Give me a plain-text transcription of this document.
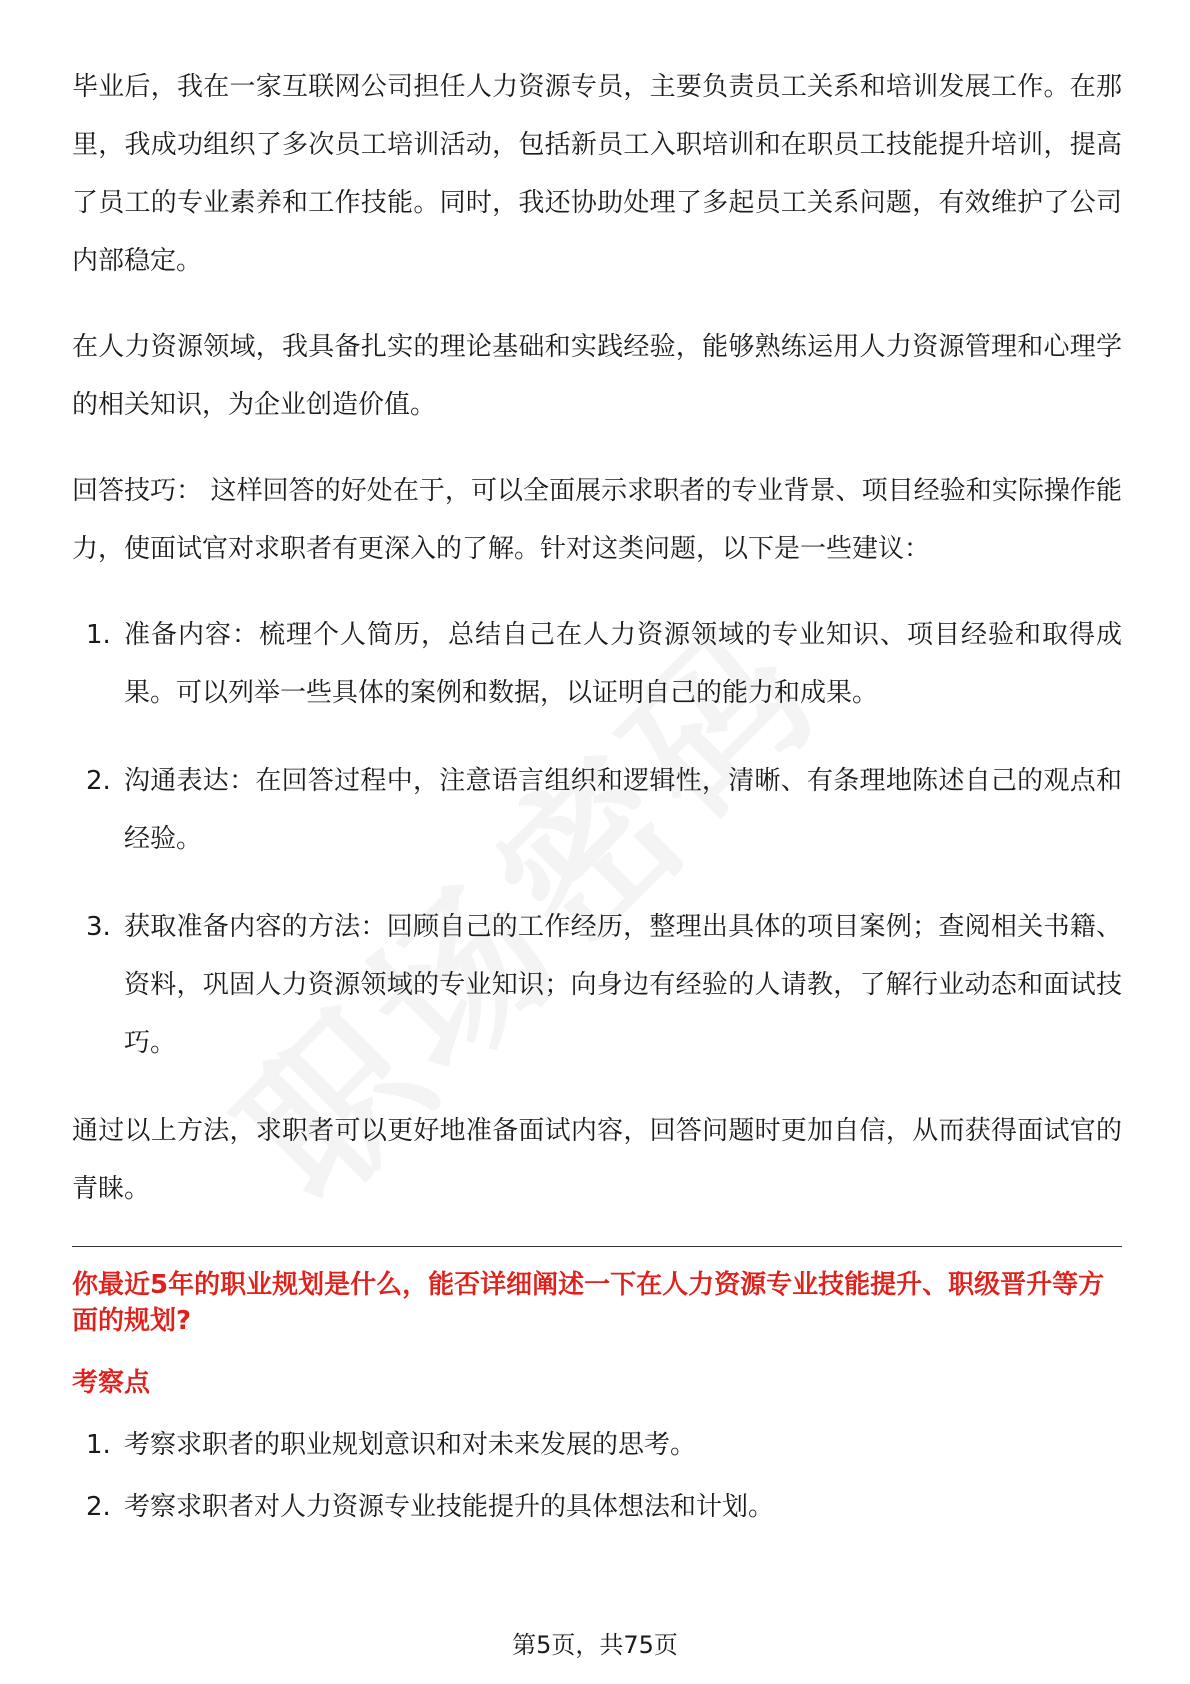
毕业后，我在一家互联网公司担任人力资源专员，主要负责员工关系和培训发展工作。在那里，我成功组织了多次员工培训活动，包括新员工入职培训和在职员工技能提升培训，提高了员工的专业素养和工作技能。同时，我还协助处理了多起员工关系问题，有效维护了公司内部稳定。

在人力资源领域，我具备扎实的理论基础和实践经验，能够熟练运用人力资源管理和心理学的相关知识，为企业创造价值。

回答技巧： 这样回答的好处在于，可以全面展示求职者的专业背景、项目经验和实际操作能力，使面试官对求职者有更深入的了解。针对这类问题，以下是一些建议：

1. 准备内容：梳理个人简历，总结自己在人力资源领域的专业知识、项目经验和取得成果。可以列举一些具体的案例和数据，以证明自己的能力和成果。
2. 沟通表达：在回答过程中，注意语言组织和逻辑性，清晰、有条理地陈述自己的观点和经验。
3. 获取准备内容的方法：回顾自己的工作经历，整理出具体的项目案例；查阅相关书籍、资料，巩固人力资源领域的专业知识；向身边有经验的人请教，了解行业动态和面试技巧。

通过以上方法，求职者可以更好地准备面试内容，回答问题时更加自信，从而获得面试官的青睐。

你最近5年的职业规划是什么，能否详细阐述一下在人力资源专业技能提升、职级晋升等方面的规划?

考察点

1. 考察求职者的职业规划意识和对未来发展的思考。
2. 考察求职者对人力资源专业技能提升的具体想法和计划。
第5页，共75页
